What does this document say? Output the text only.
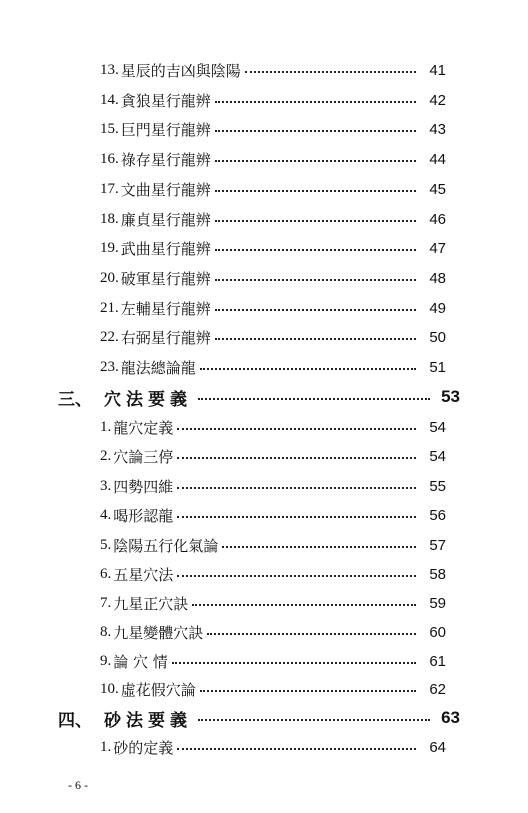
13. 星辰的吉凶與陰陽	41
14. 貪狼星行龍辨	42
15. 巨門星行龍辨	43
16. 祿存星行龍辨	44
17. 文曲星行龍辨	45
18. 廉貞星行龍辨	46
19. 武曲星行龍辨	47
20. 破軍星行龍辨	48
21. 左輔星行龍辨	49
22. 右弼星行龍辨	50
23. 龍法總論龍	51
三、 穴法要義	53
1. 龍穴定義	54
2. 穴論三停	54
3. 四勢四維	55
4. 喝形認龍	56
5. 陰陽五行化氣論	57
6. 五星穴法	58
7. 九星正穴訣	59
8. 九星變體穴訣	60
9. 論 穴 情	61
10. 虛花假穴論	62
四、 砂法要義	63
1. 砂的定義	64
- 6 -
